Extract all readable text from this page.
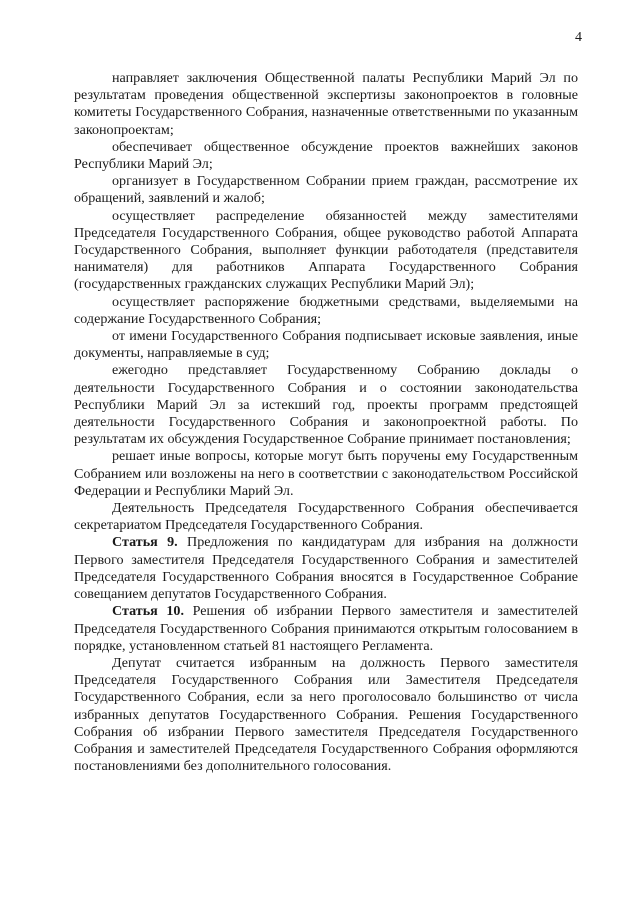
4

направляет заключения Общественной палаты Республики Марий Эл по результатам проведения общественной экспертизы законопроектов в головные комитеты Государственного Собрания, назначенные ответственными по указанным законопроектам;

обеспечивает общественное обсуждение проектов важнейших законов Республики Марий Эл;

организует в Государственном Собрании прием граждан, рассмотрение их обращений, заявлений и жалоб;

осуществляет распределение обязанностей между заместителями Председателя Государственного Собрания, общее руководство работой Аппарата Государственного Собрания, выполняет функции работодателя (представителя нанимателя) для работников Аппарата Государственного Собрания (государственных гражданских служащих Республики Марий Эл);

осуществляет распоряжение бюджетными средствами, выделяемыми на содержание Государственного Собрания;

от имени Государственного Собрания подписывает исковые заявления, иные документы, направляемые в суд;

ежегодно представляет Государственному Собранию доклады о деятельности Государственного Собрания и о состоянии законодательства Республики Марий Эл за истекший год, проекты программ предстоящей деятельности Государственного Собрания и законопроектной работы. По результатам их обсуждения Государственное Собрание принимает постановления;

решает иные вопросы, которые могут быть поручены ему Государственным Собранием или возложены на него в соответствии с законодательством Российской Федерации и Республики Марий Эл.

Деятельность Председателя Государственного Собрания обеспечивается секретариатом Председателя Государственного Собрания.

Статья 9. Предложения по кандидатурам для избрания на должности Первого заместителя Председателя Государственного Собрания и заместителей Председателя Государственного Собрания вносятся в Государственное Собрание совещанием депутатов Государственного Собрания.

Статья 10. Решения об избрании Первого заместителя и заместителей Председателя Государственного Собрания принимаются открытым голосованием в порядке, установленном статьей 81 настоящего Регламента.

Депутат считается избранным на должность Первого заместителя Председателя Государственного Собрания или Заместителя Председателя Государственного Собрания, если за него проголосовало большинство от числа избранных депутатов Государственного Собрания. Решения Государственного Собрания об избрании Первого заместителя Председателя Государственного Собрания и заместителей Председателя Государственного Собрания оформляются постановлениями без дополнительного голосования.
